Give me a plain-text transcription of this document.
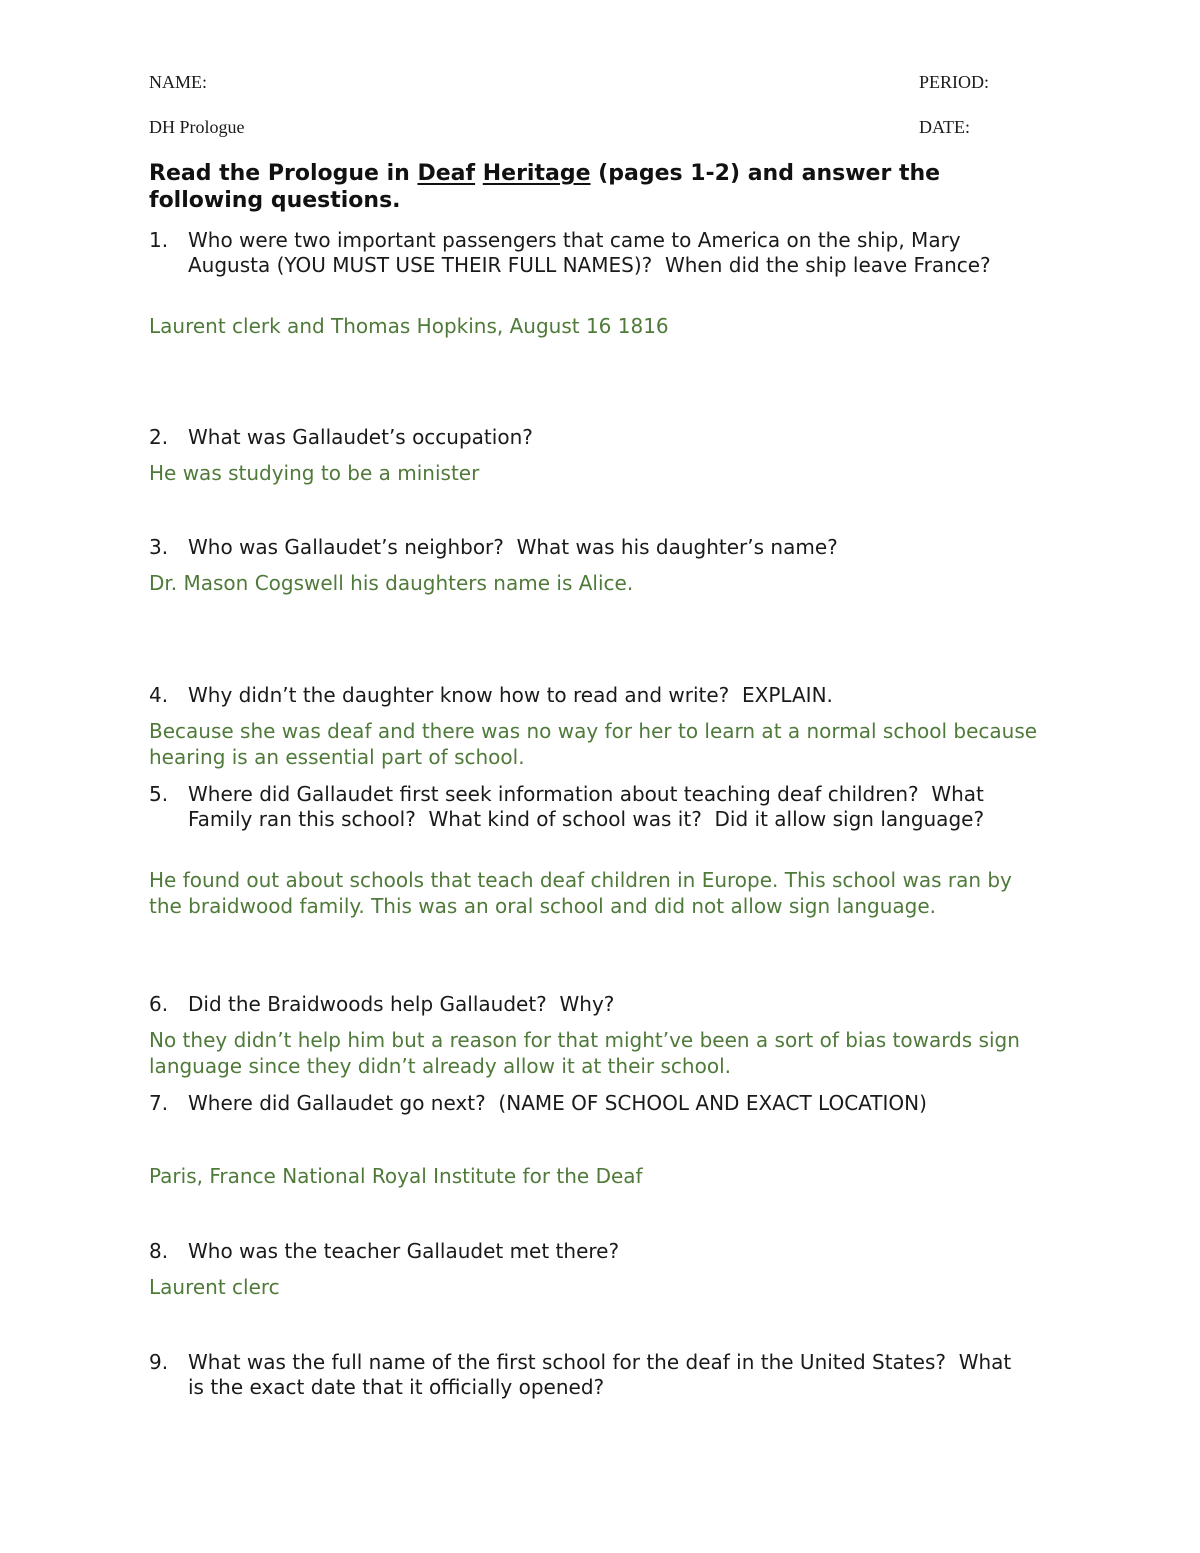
NAME:	PERIOD:
DH Prologue	DATE:
Read the Prologue in Deaf Heritage (pages 1-2) and answer the following questions.
1. Who were two important passengers that came to America on the ship, Mary Augusta (YOU MUST USE THEIR FULL NAMES)?  When did the ship leave France?
Laurent clerk and Thomas Hopkins, August 16 1816
2. What was Gallaudet’s occupation?
He was studying to be a minister
3. Who was Gallaudet’s neighbor?  What was his daughter’s name?
Dr. Mason Cogswell his daughters name is Alice.
4. Why didn’t the daughter know how to read and write?  EXPLAIN.
Because she was deaf and there was no way for her to learn at a normal school because hearing is an essential part of school.
5. Where did Gallaudet first seek information about teaching deaf children?  What Family ran this school?  What kind of school was it?  Did it allow sign language?
He found out about schools that teach deaf children in Europe. This school was ran by the braidwood family. This was an oral school and did not allow sign language.
6. Did the Braidwoods help Gallaudet?  Why?
No they didn’t help him but a reason for that might’ve been a sort of bias towards sign language since they didn’t already allow it at their school.
7. Where did Gallaudet go next?  (NAME OF SCHOOL AND EXACT LOCATION)
Paris, France National Royal Institute for the Deaf
8. Who was the teacher Gallaudet met there?
Laurent clerc
9. What was the full name of the first school for the deaf in the United States?  What is the exact date that it officially opened?
